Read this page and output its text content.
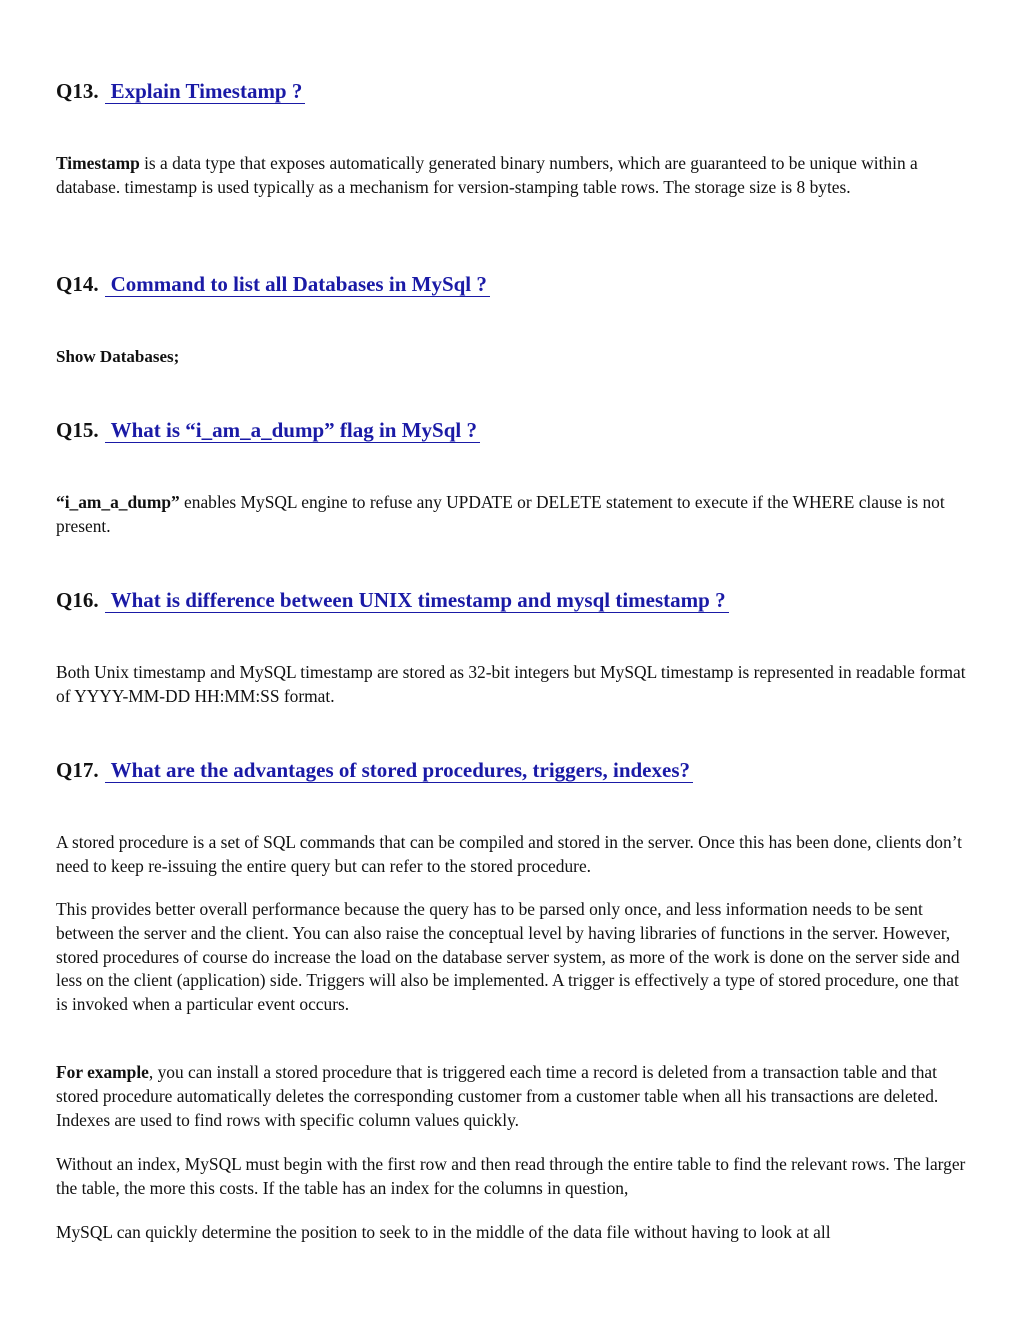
Q13. Explain Timestamp ?

Timestamp is a data type that exposes automatically generated binary numbers, which are guaranteed to be unique within a database. timestamp is used typically as a mechanism for version-stamping table rows. The storage size is 8 bytes.

Q14. Command to list all Databases in MySql ?

Show Databases;

Q15. What is “i_am_a_dump” flag in MySql ?

“i_am_a_dump” enables MySQL engine to refuse any UPDATE or DELETE statement to execute if the WHERE clause is not present.

Q16. What is difference between UNIX timestamp and mysql timestamp ?

Both Unix timestamp and MySQL timestamp are stored as 32-bit integers but MySQL timestamp is represented in readable format of YYYY-MM-DD HH:MM:SS format.

Q17. What are the advantages of stored procedures, triggers, indexes?

A stored procedure is a set of SQL commands that can be compiled and stored in the server. Once this has been done, clients don’t need to keep re-issuing the entire query but can refer to the stored procedure.

This provides better overall performance because the query has to be parsed only once, and less information needs to be sent between the server and the client. You can also raise the conceptual level by having libraries of functions in the server. However, stored procedures of course do increase the load on the database server system, as more of the work is done on the server side and less on the client (application) side. Triggers will also be implemented. A trigger is effectively a type of stored procedure, one that is invoked when a particular event occurs.

For example, you can install a stored procedure that is triggered each time a record is deleted from a transaction table and that stored procedure automatically deletes the corresponding customer from a customer table when all his transactions are deleted. Indexes are used to find rows with specific column values quickly.

Without an index, MySQL must begin with the first row and then read through the entire table to find the relevant rows. The larger the table, the more this costs. If the table has an index for the columns in question,

MySQL can quickly determine the position to seek to in the middle of the data file without having to look at all
